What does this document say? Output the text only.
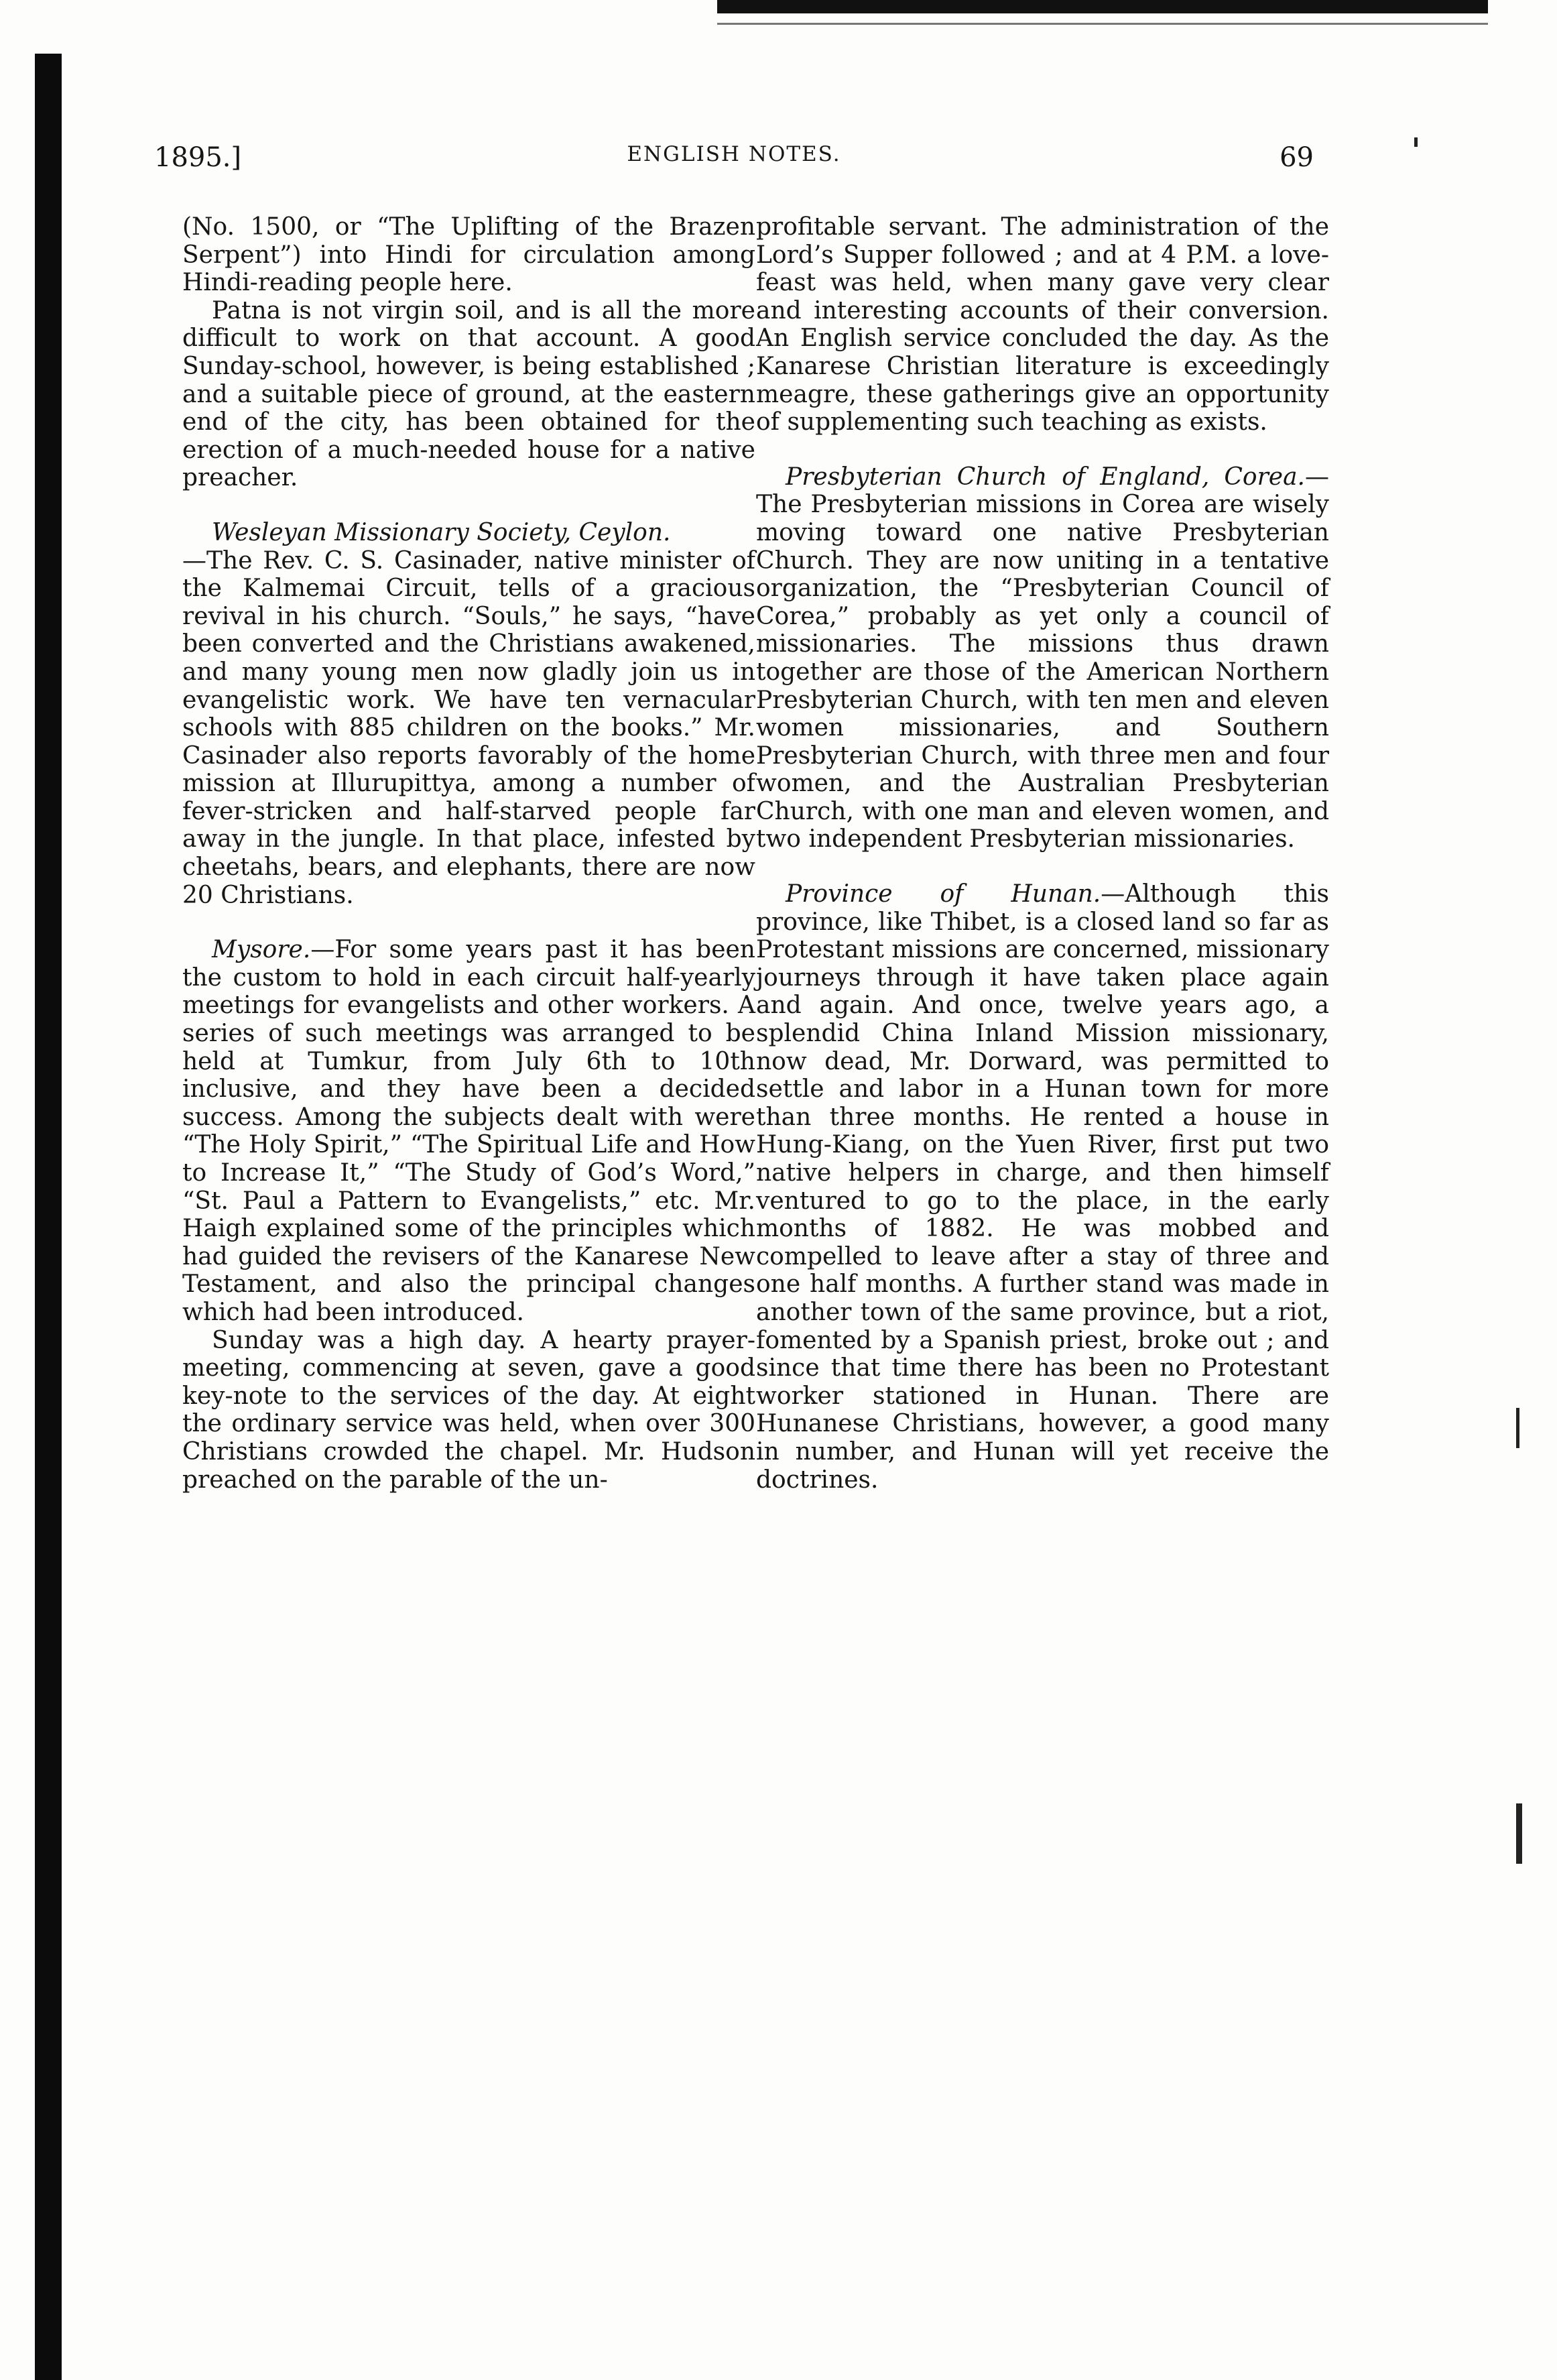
1895.]	ENGLISH NOTES.	69

(No. 1500, or “The Uplifting of the Brazen Serpent”) into Hindi for circulation among Hindi-reading people here.

Patna is not virgin soil, and is all the more difficult to work on that account. A good Sunday-school, however, is being established ; and a suitable piece of ground, at the eastern end of the city, has been obtained for the erection of a much-needed house for a native preacher.

Wesleyan Missionary Society, Ceylon.
—The Rev. C. S. Casinader, native minister of the Kalmemai Circuit, tells of a gracious revival in his church. “Souls,” he says, “have been converted and the Christians awakened, and many young men now gladly join us in evangelistic work. We have ten vernacular schools with 885 children on the books.” Mr. Casinader also reports favorably of the home mission at Illurupittya, among a number of fever-stricken and half-starved people far away in the jungle. In that place, infested by cheetahs, bears, and elephants, there are now 20 Christians.

Mysore.—For some years past it has been the custom to hold in each circuit half-yearly meetings for evangelists and other workers. A series of such meetings was arranged to be held at Tumkur, from July 6th to 10th inclusive, and they have been a decided success. Among the subjects dealt with were “The Holy Spirit,” “The Spiritual Life and How to Increase It,” “The Study of God’s Word,” “St. Paul a Pattern to Evangelists,” etc. Mr. Haigh explained some of the principles which had guided the revisers of the Kanarese New Testament, and also the principal changes which had been introduced.

Sunday was a high day. A hearty prayer-meeting, commencing at seven, gave a good key-note to the services of the day. At eight the ordinary service was held, when over 300 Christians crowded the chapel. Mr. Hudson preached on the parable of the un-

profitable servant. The administration of the Lord’s Supper followed ; and at 4 P.M. a love-feast was held, when many gave very clear and interesting accounts of their conversion. An English service concluded the day. As the Kanarese Christian literature is exceedingly meagre, these gatherings give an opportunity of supplementing such teaching as exists.

Presbyterian Church of England, Corea.—The Presbyterian missions in Corea are wisely moving toward one native Presbyterian Church. They are now uniting in a tentative organization, the “Presbyterian Council of Corea,” probably as yet only a council of missionaries. The missions thus drawn together are those of the American Northern Presbyterian Church, with ten men and eleven women missionaries, and Southern Presbyterian Church, with three men and four women, and the Australian Presbyterian Church, with one man and eleven women, and two independent Presbyterian missionaries.

Province of Hunan.—Although this province, like Thibet, is a closed land so far as Protestant missions are concerned, missionary journeys through it have taken place again and again. And once, twelve years ago, a splendid China Inland Mission missionary, now dead, Mr. Dorward, was permitted to settle and labor in a Hunan town for more than three months. He rented a house in Hung-Kiang, on the Yuen River, first put two native helpers in charge, and then himself ventured to go to the place, in the early months of 1882. He was mobbed and compelled to leave after a stay of three and one half months. A further stand was made in another town of the same province, but a riot, fomented by a Spanish priest, broke out ; and since that time there has been no Protestant worker stationed in Hunan. There are Hunanese Christians, however, a good many in number, and Hunan will yet receive the doctrines.
